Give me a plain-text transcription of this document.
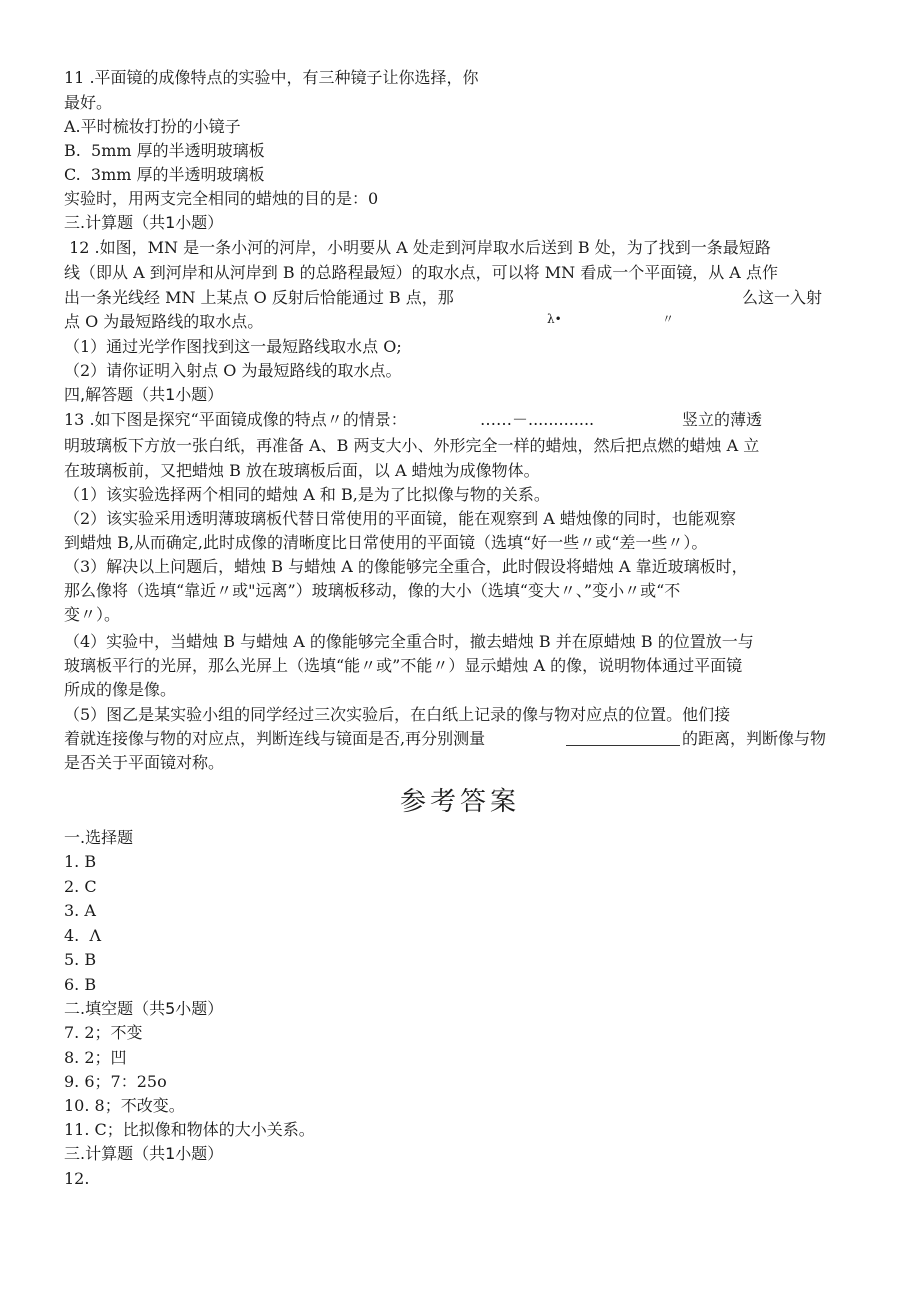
11 .平面镜的成像特点的实验中，有三种镜子让你选择，你
最好。
A.平时梳妆打扮的小镜子
B.  5mm 厚的半透明玻璃板
C.  3mm 厚的半透明玻璃板
实验时，用两支完全相同的蜡烛的目的是：0
三.计算题（共1小题）
12 .如图，MN 是一条小河的河岸，小明要从 A 处走到河岸取水后送到 B 处，为了找到一条最短路
线（即从 A 到河岸和从河岸到 B 的总路程最短）的取水点，可以将 MN 看成一个平面镜，从 A 点作
出一条光线经 MN 上某点 O 反射后恰能通过 B 点，那	么这一入射
点 O 为最短路线的取水点。	λ•	〃
（1）通过光学作图找到这一最短路线取水点 O;
（2）请你证明入射点 O 为最短路线的取水点。
四,解答题（共1小题）
13 .如下图是探究“平面镜成像的特点〃的情景：	……－.............	竖立的薄透
明玻璃板下方放一张白纸，再准备 A、B 两支大小、外形完全一样的蜡烛，然后把点燃的蜡烛 A 立
在玻璃板前，又把蜡烛 B 放在玻璃板后面，以 A 蜡烛为成像物体。
（1）该实验选择两个相同的蜡烛 A 和 B,是为了比拟像与物的关系。
（2）该实验采用透明薄玻璃板代替日常使用的平面镜，能在观察到 A 蜡烛像的同时，也能观察
到蜡烛 B,从而确定,此时成像的清晰度比日常使用的平面镜（选填“好一些〃或“差一些〃）。
（3）解决以上问题后，蜡烛 B 与蜡烛 A 的像能够完全重合，此时假设将蜡烛 A 靠近玻璃板时，
那么像将（选填“靠近〃或"远离”）玻璃板移动，像的大小（选填“变大〃、”变小〃或“不
变〃）。
（4）实验中，当蜡烛 B 与蜡烛 A 的像能够完全重合时，撤去蜡烛 B 并在原蜡烛 B 的位置放一与
玻璃板平行的光屏，那么光屏上（选填“能〃或”不能〃）显示蜡烛 A 的像，说明物体通过平面镜
所成的像是像。
（5）图乙是某实验小组的同学经过三次实验后，在白纸上记录的像与物对应点的位置。他们接
着就连接像与物的对应点，判断连线与镜面是否,再分别测量	的距离，判断像与物
是否关于平面镜对称。
参考答案
一.选择题
1. B
2. C
3. A
4.  Λ
5. B
6. B
二.填空题（共5小题）
7. 2；不变
8. 2；凹
9. 6；7：25o
10. 8；不改变。
11. C；比拟像和物体的大小关系。
三.计算题（共1小题）
12.
